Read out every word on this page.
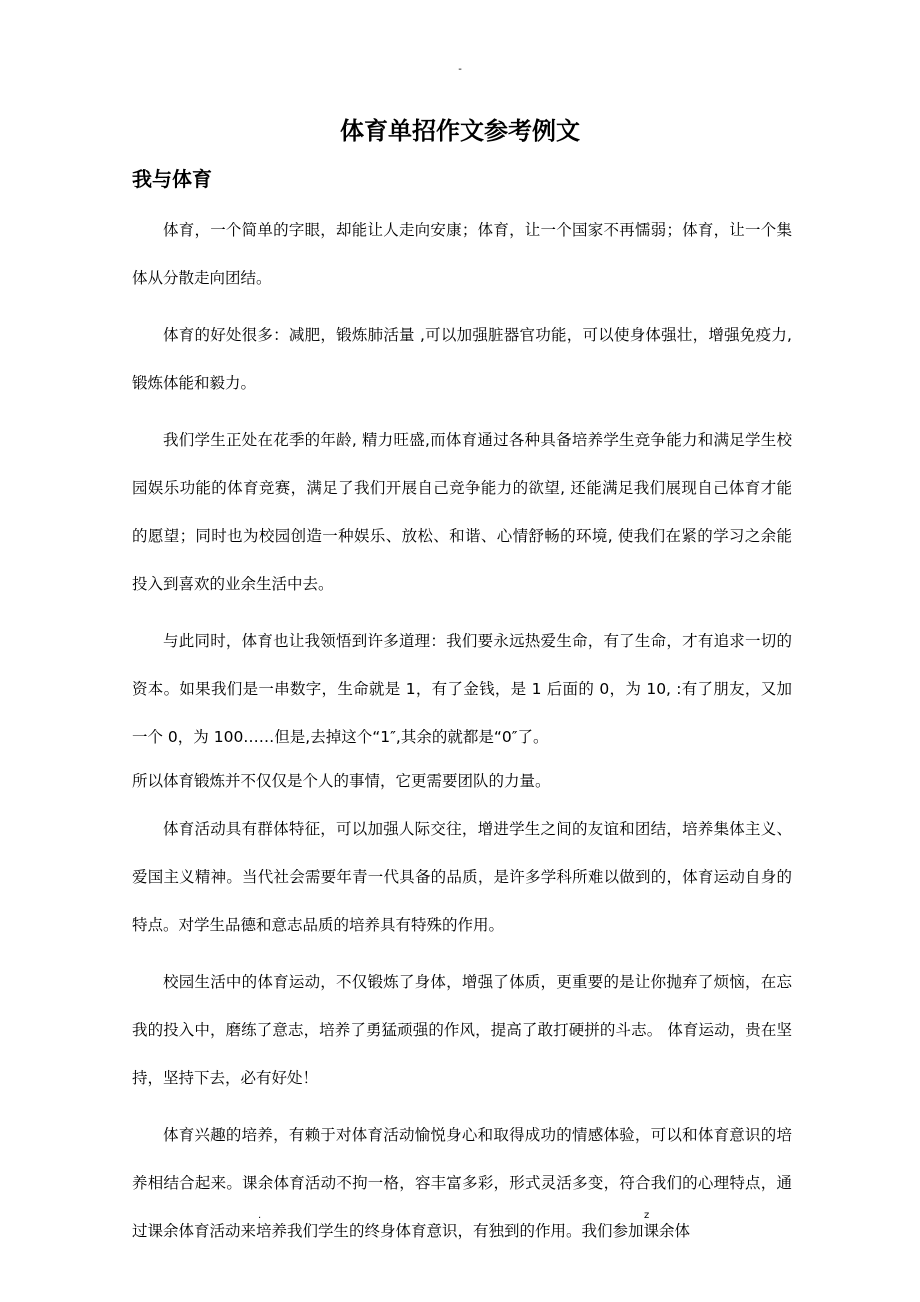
-
体育单招作文参考例文
我与体育

体育，一个简单的字眼，却能让人走向安康；体育，让一个国家不再懦弱；体育，让一个集体从分散走向团结。

体育的好处很多：减肥，锻炼肺活量 ,可以加强脏器官功能，可以使身体强壮，增强免疫力,锻炼体能和毅力。

我们学生正处在花季的年龄, 精力旺盛,而体育通过各种具备培养学生竞争能力和满足学生校园娱乐功能的体育竞赛，满足了我们开展自己竞争能力的欲望, 还能满足我们展现自己体育才能的愿望；同时也为校园创造一种娱乐、放松、和谐、心情舒畅的环境, 使我们在紧的学习之余能投入到喜欢的业余生活中去。

与此同时，体育也让我领悟到许多道理：我们要永远热爱生命，有了生命，才有追求一切的资本。如果我们是一串数字，生命就是 1，有了金钱，是 1 后面的 0，为 10, :有了朋友，又加一个 0，为 100……但是,去掉这个“1″,其余的就都是“0″了。

所以体育锻炼并不仅仅是个人的事情，它更需要团队的力量。

体育活动具有群体特征，可以加强人际交往，增进学生之间的友谊和团结，培养集体主义、爱国主义精神。当代社会需要年青一代具备的品质，是许多学科所难以做到的，体育运动自身的特点。对学生品德和意志品质的培养具有特殊的作用。

校园生活中的体育运动，不仅锻炼了身体，增强了体质，更重要的是让你抛弃了烦恼，在忘我的投入中，磨练了意志，培养了勇猛顽强的作风，提高了敢打硬拼的斗志。 体育运动，贵在坚持，坚持下去，必有好处！

体育兴趣的培养，有赖于对体育活动愉悦身心和取得成功的情感体验，可以和体育意识的培养相结合起来。课余体育活动不拘一格，容丰富多彩，形式灵活多变，符合我们的心理特点，通过课余体育活动来培养我们学生的终身体育意识，有独到的作用。我们参加课余体

.	z
